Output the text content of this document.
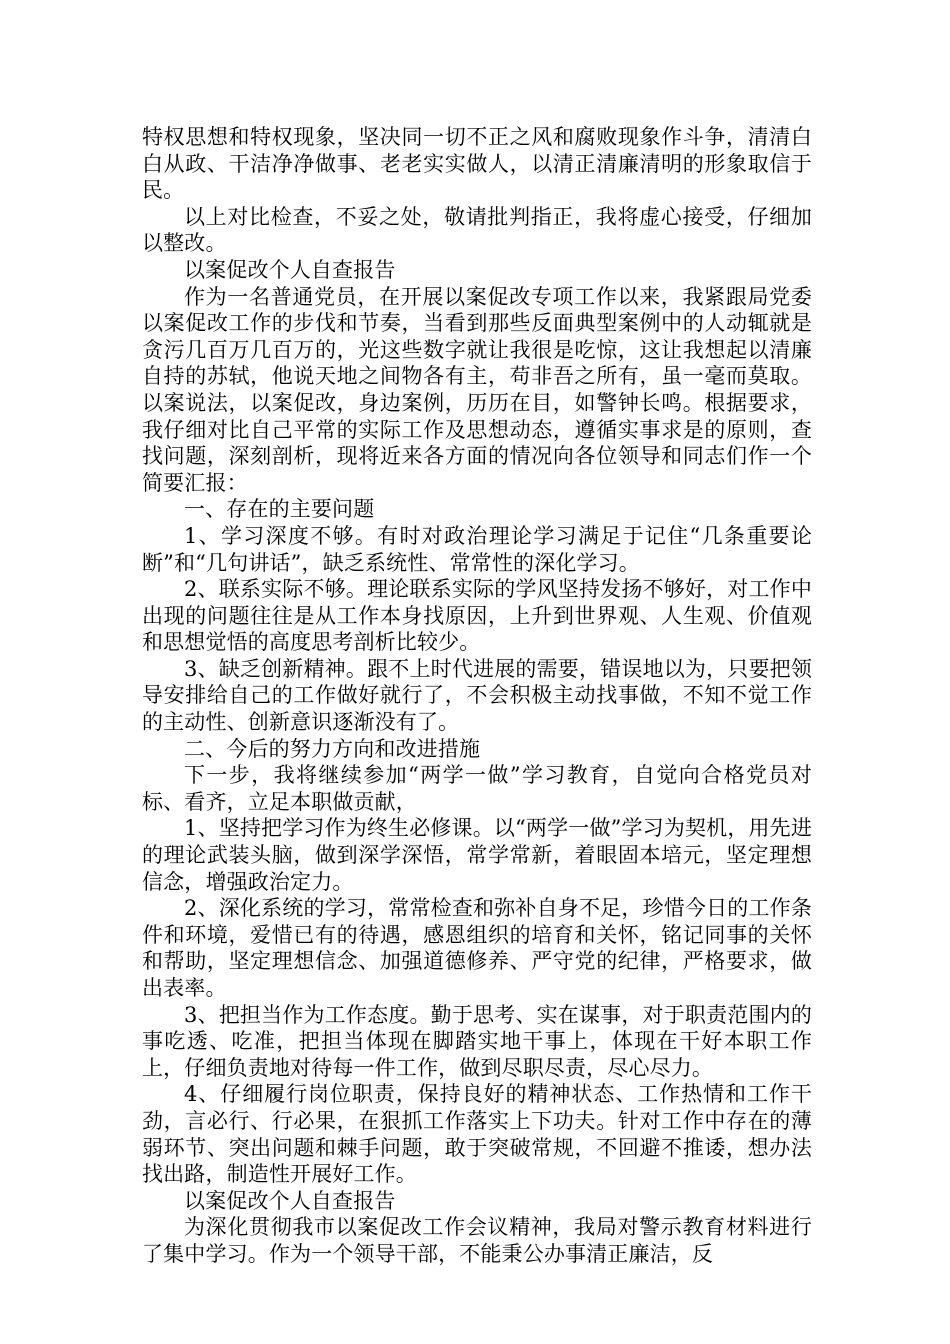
特权思想和特权现象，坚决同一切不正之风和腐败现象作斗争，清清白白从政、干洁净净做事、老老实实做人，以清正清廉清明的形象取信于民。

以上对比检查，不妥之处，敬请批判指正，我将虚心接受，仔细加以整改。

以案促改个人自查报告

作为一名普通党员，在开展以案促改专项工作以来，我紧跟局党委以案促改工作的步伐和节奏，当看到那些反面典型案例中的人动辄就是贪污几百万几百万的，光这些数字就让我很是吃惊，这让我想起以清廉自持的苏轼，他说天地之间物各有主，苟非吾之所有，虽一毫而莫取。以案说法，以案促改，身边案例，历历在目，如警钟长鸣。根据要求，我仔细对比自己平常的实际工作及思想动态，遵循实事求是的原则，查找问题，深刻剖析，现将近来各方面的情况向各位领导和同志们作一个简要汇报：

一、存在的主要问题

1、学习深度不够。有时对政治理论学习满足于记住“几条重要论断”和“几句讲话”，缺乏系统性、常常性的深化学习。

2、联系实际不够。理论联系实际的学风坚持发扬不够好，对工作中出现的问题往往是从工作本身找原因，上升到世界观、人生观、价值观和思想觉悟的高度思考剖析比较少。

3、缺乏创新精神。跟不上时代进展的需要，错误地以为，只要把领导安排给自己的工作做好就行了，不会积极主动找事做，不知不觉工作的主动性、创新意识逐渐没有了。

二、今后的努力方向和改进措施

下一步，我将继续参加“两学一做”学习教育，自觉向合格党员对标、看齐，立足本职做贡献，

1、坚持把学习作为终生必修课。以“两学一做”学习为契机，用先进的理论武装头脑，做到深学深悟，常学常新，着眼固本培元，坚定理想信念，增强政治定力。

2、深化系统的学习，常常检查和弥补自身不足，珍惜今日的工作条件和环境，爱惜已有的待遇，感恩组织的培育和关怀，铭记同事的关怀和帮助，坚定理想信念、加强道德修养、严守党的纪律，严格要求，做出表率。

3、把担当作为工作态度。勤于思考、实在谋事，对于职责范围内的事吃透、吃准，把担当体现在脚踏实地干事上，体现在干好本职工作上，仔细负责地对待每一件工作，做到尽职尽责，尽心尽力。

4、仔细履行岗位职责，保持良好的精神状态、工作热情和工作干劲，言必行、行必果，在狠抓工作落实上下功夫。针对工作中存在的薄弱环节、突出问题和棘手问题，敢于突破常规，不回避不推诿，想办法找出路，制造性开展好工作。

以案促改个人自查报告

为深化贯彻我市以案促改工作会议精神，我局对警示教育材料进行了集中学习。作为一个领导干部，不能秉公办事清正廉洁，反
